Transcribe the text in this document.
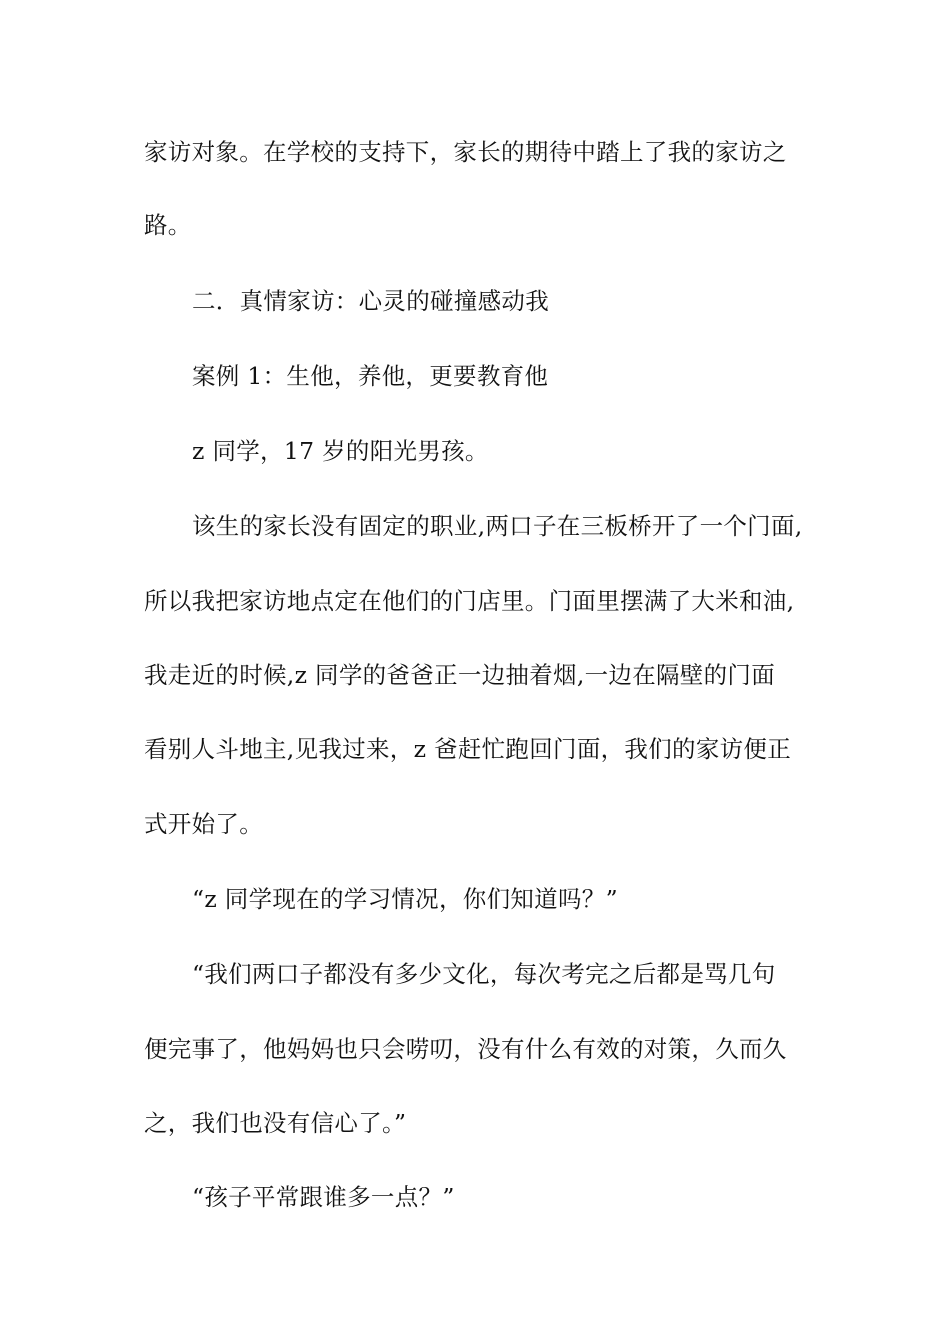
家访对象。在学校的支持下，家长的期待中踏上了我的家访之
路。
二．真情家访：心灵的碰撞感动我
案例 1：生他，养他，更要教育他
z 同学，17 岁的阳光男孩。
该生的家长没有固定的职业,两口子在三板桥开了一个门面,
所以我把家访地点定在他们的门店里。门面里摆满了大米和油,
我走近的时候,z 同学的爸爸正一边抽着烟,一边在隔壁的门面
看别人斗地主,见我过来，z 爸赶忙跑回门面，我们的家访便正
式开始了。
“z 同学现在的学习情况，你们知道吗？”
“我们两口子都没有多少文化，每次考完之后都是骂几句
便完事了，他妈妈也只会唠叨，没有什么有效的对策，久而久
之，我们也没有信心了。”
“孩子平常跟谁多一点？”
